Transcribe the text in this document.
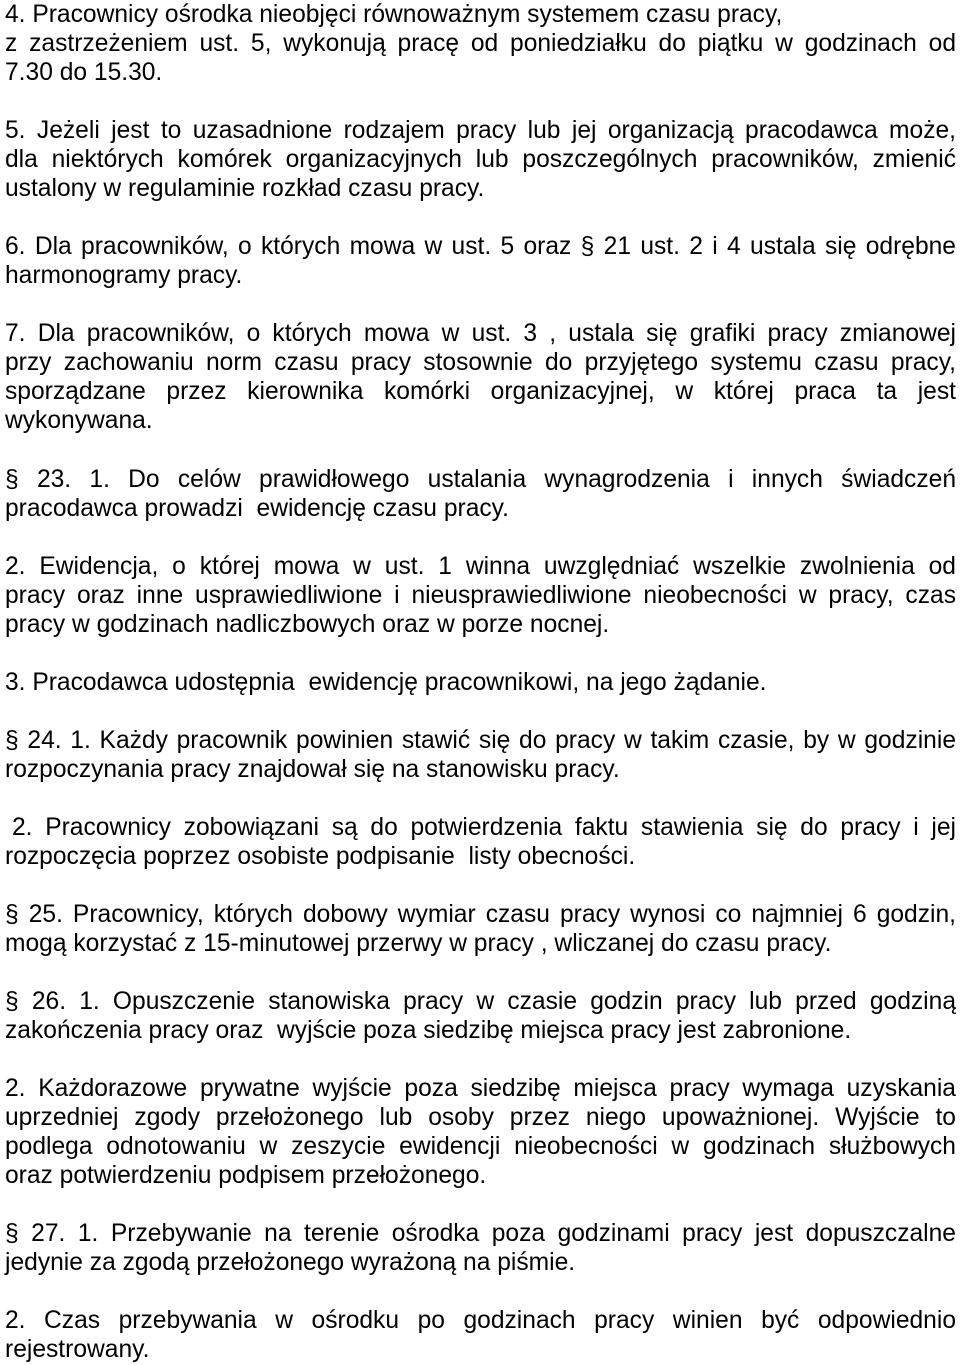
4. Pracownicy ośrodka nieobjęci równoważnym systemem czasu pracy,
z zastrzeżeniem ust. 5, wykonują pracę od poniedziałku do piątku w godzinach od
7.30 do 15.30.
5. Jeżeli jest to uzasadnione rodzajem pracy lub jej organizacją pracodawca może,
dla niektórych komórek organizacyjnych lub poszczególnych pracowników, zmienić
ustalony w regulaminie rozkład czasu pracy.
6. Dla pracowników, o których mowa w ust. 5 oraz § 21 ust. 2 i 4 ustala się odrębne
harmonogramy pracy.
7. Dla pracowników, o których mowa w ust. 3 , ustala się grafiki pracy zmianowej
przy zachowaniu norm czasu pracy stosownie do przyjętego systemu czasu pracy,
sporządzane przez kierownika komórki organizacyjnej, w której praca ta jest
wykonywana.
§ 23. 1. Do celów prawidłowego ustalania wynagrodzenia i innych świadczeń
pracodawca prowadzi  ewidencję czasu pracy.
2. Ewidencja, o której mowa w ust. 1 winna uwzględniać wszelkie zwolnienia od
pracy oraz inne usprawiedliwione i nieusprawiedliwione nieobecności w pracy, czas
pracy w godzinach nadliczbowych oraz w porze nocnej.
3. Pracodawca udostępnia  ewidencję pracownikowi, na jego żądanie.
§ 24. 1. Każdy pracownik powinien stawić się do pracy w takim czasie, by w godzinie
rozpoczynania pracy znajdował się na stanowisku pracy.
2. Pracownicy zobowiązani są do potwierdzenia faktu stawienia się do pracy i jej
rozpoczęcia poprzez osobiste podpisanie  listy obecności.
§ 25. Pracownicy, których dobowy wymiar czasu pracy wynosi co najmniej 6 godzin,
mogą korzystać z 15-minutowej przerwy w pracy , wliczanej do czasu pracy.
§ 26. 1. Opuszczenie stanowiska pracy w czasie godzin pracy lub przed godziną
zakończenia pracy oraz  wyjście poza siedzibę miejsca pracy jest zabronione.
2. Każdorazowe prywatne wyjście poza siedzibę miejsca pracy wymaga uzyskania
uprzedniej zgody przełożonego lub osoby przez niego upoważnionej. Wyjście to
podlega odnotowaniu w zeszycie ewidencji nieobecności w godzinach służbowych
oraz potwierdzeniu podpisem przełożonego.
§ 27. 1. Przebywanie na terenie ośrodka poza godzinami pracy jest dopuszczalne
jedynie za zgodą przełożonego wyrażoną na piśmie.
2. Czas przebywania w ośrodku po godzinach pracy winien być odpowiednio
rejestrowany.
